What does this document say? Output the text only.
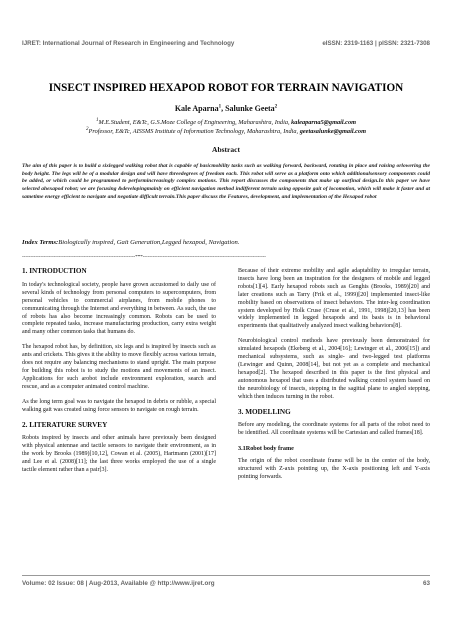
IJRET: International Journal of Research in Engineering and Technology	eISSN: 2319-1163 | pISSN: 2321-7308
INSECT INSPIRED HEXAPOD ROBOT FOR TERRAIN NAVIGATION
Kale Aparna$^1$, Salunke Geeta$^2$
$^1$M.E.Student, E&Tc, G.S.Moze College of Engineering, Maharashtra, India, kaleaparna5@gmail.com
$^2$Professor, E&Tc, AISSMS Institute of Information Technology, Maharashtra, India, geetasalunke@gmail.com
Abstract
The aim of this paper is to build a sixlegged walking robot that is capable of basicmobility tasks such as walking forward, backward, rotating in place and raising orlowering the body height. The legs will be of a modular design and will have threedegrees of freedom each. This robot will serve as a platform onto which additionalsensory components could be added, or which could be programmed to performincreasingly complex motions. This report discusses the components that make up ourfinal design.In this paper we have selected ahexapod robot; we are focusing &developingmainly on efficient navigation method indifferent terrain using opposite gait of locomotion, which will make it faster and at sametime energy efficient to navigate and negotiate difficult terrain.This paper discuss the Features, development, and implementation of the Hexapod robot
Index Terms:Biologically inspired, Gait Generation,Legged hexapod, Navigation.
--------------------------------------------------------------------***--------------------------------------------------------------------------
1. INTRODUCTION

In today's technological society, people have grown accustomed to daily use of several kinds of technology from personal computers to supercomputers, from personal vehicles to commercial airplanes, from mobile phones to communicating through the Internet and everything in between. As such, the use of robots has also become increasingly common. Robots can be used to complete repeated tasks, increase manufacturing production, carry extra weight and many other common tasks that humans do.

The hexapod robot has, by definition, six legs and is inspired by insects such as ants and crickets. This gives it the ability to move flexibly across various terrain, does not require any balancing mechanisms to stand upright. The main purpose for building this robot is to study the motions and movements of an insect. Applications for such arobot include environment exploration, search and rescue, and as a computer animated control machine.

As the long term goal was to navigate the hexapod in debris or rubble, a special walking gait was created using force sensors to navigate on rough terrain.

2. LITERATURE SURVEY

Robots inspired by insects and other animals have previously been designed with physical antennae and tactile sensors to navigate their environment, as in the work by Brooks (1989)[10,12], Cowan et al. (2005), Hartmann (2001)[17] and Lee et al. (2008)[11]; the last three works employed the use of a single tactile element rather than a pair[3].

Because of their extreme mobility and agile adaptability to irregular terrain, insects have long been an inspiration for the designers of mobile and legged robots[1][4]. Early hexapod robots such as Genghis (Brooks, 1989)[20] and later creations such as Tarry (Frik et al., 1999)[20] implemented insect-like mobility based on observations of insect behaviors. The inter-leg coordination system developed by Holk Cruse (Cruse et al., 1991, 1998)[20,13] has been widely implemented in legged hexapods and its basis is in behavioral experiments that qualitatively analyzed insect walking behaviors[8].

Neurobiological control methods have previously been demonstrated for simulated hexapods (Ekeberg et al., 2004[16]; Lewinger et al., 2006[15]) and mechanical subsystems, such as single- and two-legged test platforms (Lewinger and Quinn, 2008[14], but not yet as a complete and mechanical hexapod[2]. The hexapod described in this paper is the first physical and autonomous hexapod that uses a distributed walking control system based on the neurobiology of insects, stepping in the sagittal plane to angled stepping, which then induces turning in the robot.

3. MODELLING

Before any modeling, the coordinate systems for all parts of the robot need to be identified. All coordinate systems will be Cartesian and called frames[18].

3.1Robot body frame

The origin of the robot coordinate frame will be in the center of the body, structured with Z-axis pointing up, the X-axis positioning left and Y-axis pointing forwards.

Volume: 02 Issue: 08 | Aug-2013, Available @ http://www.ijret.org	63
